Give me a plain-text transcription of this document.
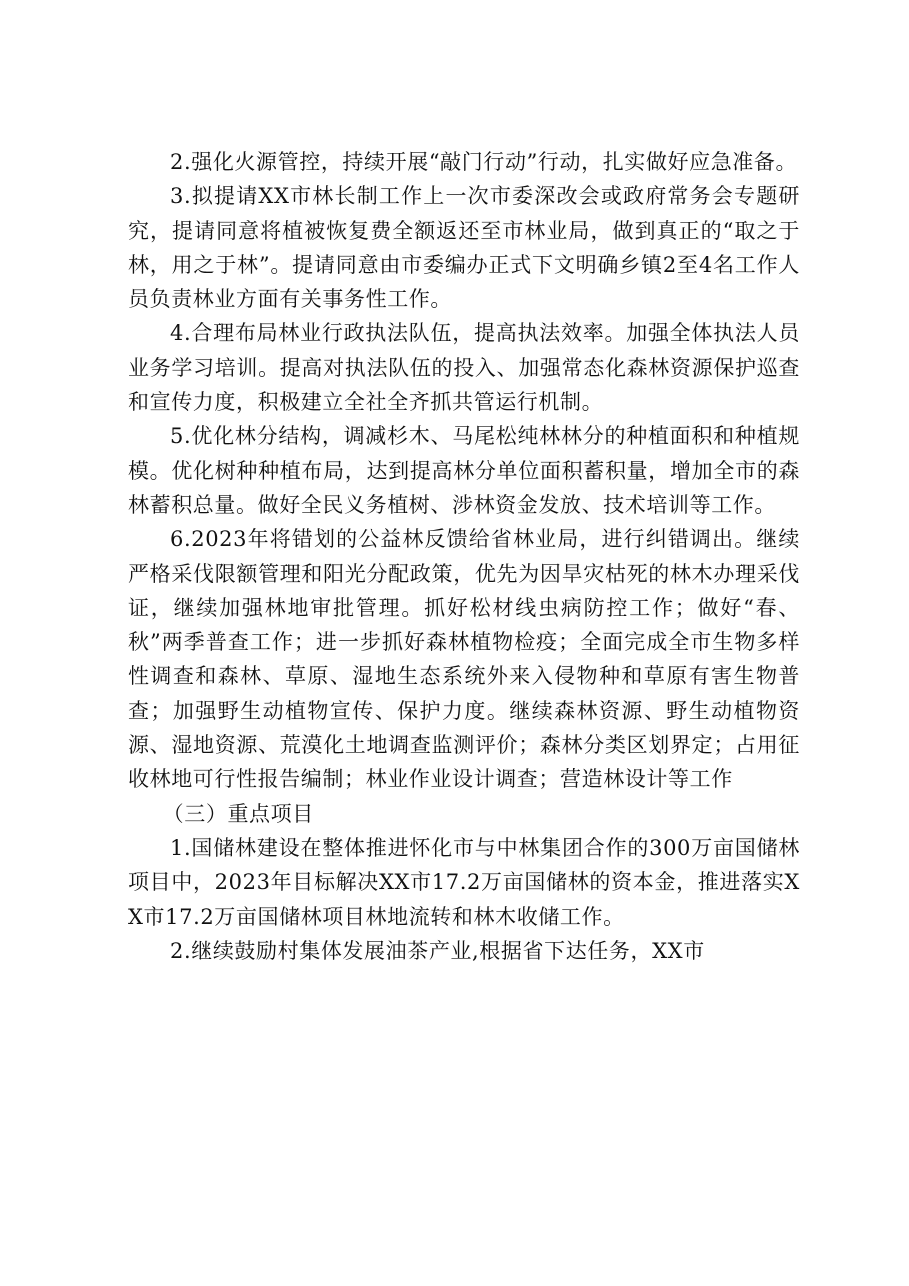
2.强化火源管控，持续开展“敲门行动”行动，扎实做好应急准备。

3.拟提请XX市林长制工作上一次市委深改会或政府常务会专题研究，提请同意将植被恢复费全额返还至市林业局，做到真正的“取之于林，用之于林”。提请同意由市委编办正式下文明确乡镇2至4名工作人员负责林业方面有关事务性工作。

4.合理布局林业行政执法队伍，提高执法效率。加强全体执法人员业务学习培训。提高对执法队伍的投入、加强常态化森林资源保护巡查和宣传力度，积极建立全社全齐抓共管运行机制。

5.优化林分结构，调减杉木、马尾松纯林林分的种植面积和种植规模。优化树种种植布局，达到提高林分单位面积蓄积量，增加全市的森林蓄积总量。做好全民义务植树、涉林资金发放、技术培训等工作。

6.2023年将错划的公益林反馈给省林业局，进行纠错调出。继续严格采伐限额管理和阳光分配政策，优先为因旱灾枯死的林木办理采伐证，继续加强林地审批管理。抓好松材线虫病防控工作；做好“春、秋”两季普查工作；进一步抓好森林植物检疫；全面完成全市生物多样性调查和森林、草原、湿地生态系统外来入侵物种和草原有害生物普查；加强野生动植物宣传、保护力度。继续森林资源、野生动植物资源、湿地资源、荒漠化土地调查监测评价；森林分类区划界定；占用征收林地可行性报告编制；林业作业设计调查；营造林设计等工作

（三）重点项目

1.国储林建设在整体推进怀化市与中林集团合作的300万亩国储林项目中，2023年目标解决XX市17.2万亩国储林的资本金，推进落实XX市17.2万亩国储林项目林地流转和林木收储工作。

2.继续鼓励村集体发展油茶产业,根据省下达任务，XX市
